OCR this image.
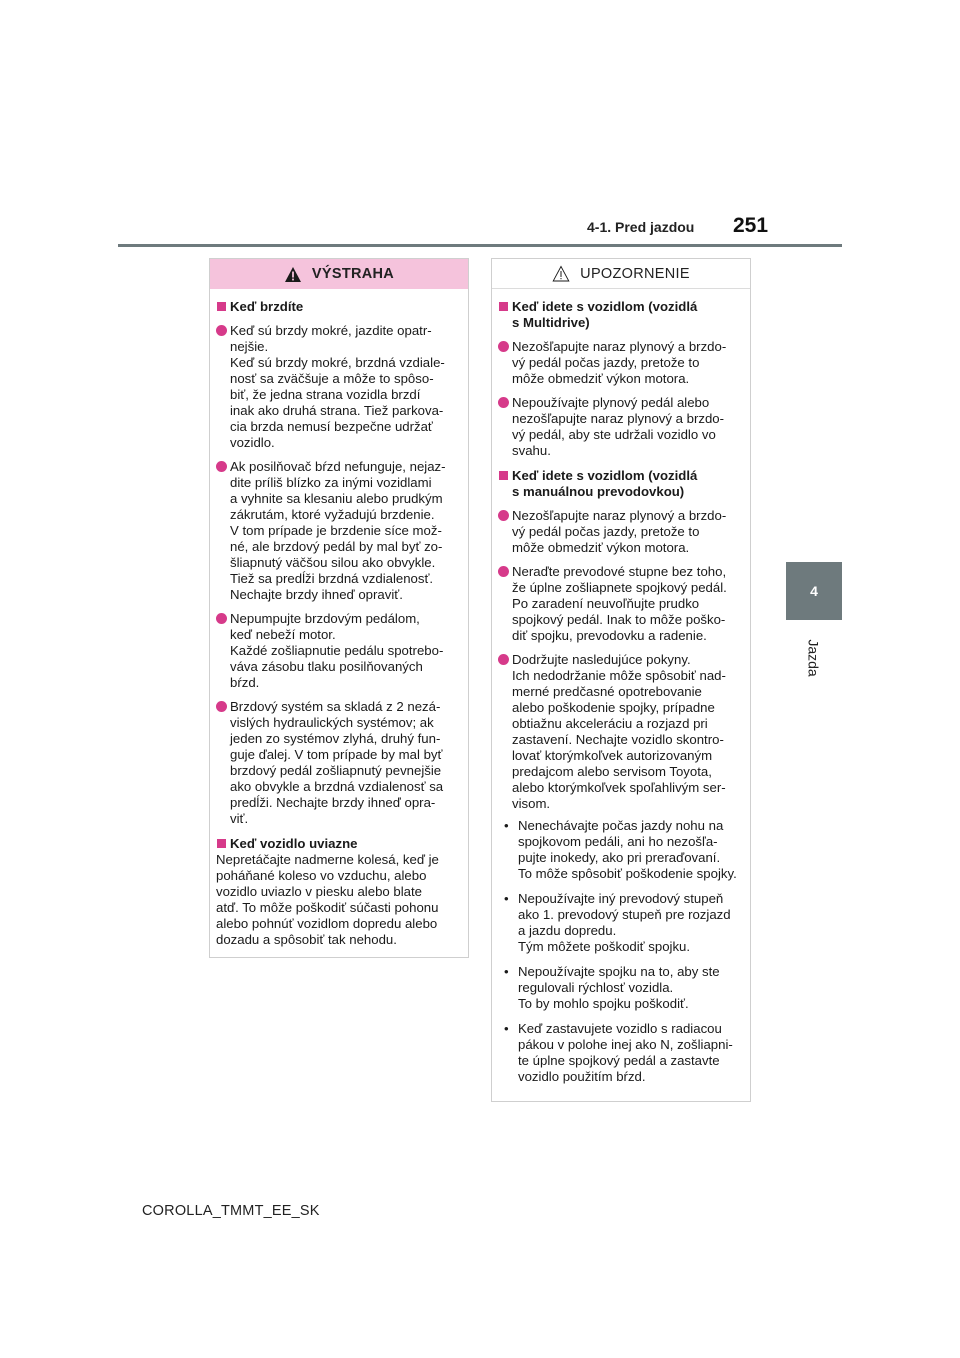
4-1. Pred jazdou 251
4
Jazda
VÝSTRAHA
Keď brzdíte
Keď sú brzdy mokré, jazdite opatr-
nejšie.
Keď sú brzdy mokré, brzdná vzdiale-
nosť sa zväčšuje a môže to spôso-
biť, že jedna strana vozidla brzdí
inak ako druhá strana. Tiež parkova-
cia brzda nemusí bezpečne udržať
vozidlo.
Ak posilňovač bŕzd nefunguje, nejaz-
dite príliš blízko za inými vozidlami
a vyhnite sa klesaniu alebo prudkým
zákrutám, ktoré vyžadujú brzdenie.
V tom prípade je brzdenie síce mož-
né, ale brzdový pedál by mal byť zo-
šliapnutý väčšou silou ako obvykle.
Tiež sa predĺži brzdná vzdialenosť.
Nechajte brzdy ihneď opraviť.
Nepumpujte brzdovým pedálom,
keď nebeží motor.
Každé zošliapnutie pedálu spotrebo-
váva zásobu tlaku posilňovaných
bŕzd.
Brzdový systém sa skladá z 2 nezá-
vislých hydraulických systémov; ak
jeden zo systémov zlyhá, druhý fun-
guje ďalej. V tom prípade by mal byť
brzdový pedál zošliapnutý pevnejšie
ako obvykle a brzdná vzdialenosť sa
predĺži. Nechajte brzdy ihneď opra-
viť.
Keď vozidlo uviazne
Nepretáčajte nadmerne kolesá, keď je
poháňané koleso vo vzduchu, alebo
vozidlo uviazlo v piesku alebo blate
atď. To môže poškodiť súčasti pohonu
alebo pohnúť vozidlom dopredu alebo
dozadu a spôsobiť tak nehodu.
UPOZORNENIE
Keď idete s vozidlom (vozidlá
s Multidrive)
Nezošľapujte naraz plynový a brzdo-
vý pedál počas jazdy, pretože to
môže obmedziť výkon motora.
Nepoužívajte plynový pedál alebo
nezošľapujte naraz plynový a brzdo-
vý pedál, aby ste udržali vozidlo vo
svahu.
Keď idete s vozidlom (vozidlá
s manuálnou prevodovkou)
Nezošľapujte naraz plynový a brzdo-
vý pedál počas jazdy, pretože to
môže obmedziť výkon motora.
Neraďte prevodové stupne bez toho,
že úplne zošliapnete spojkový pedál.
Po zaradení neuvoľňujte prudko
spojkový pedál. Inak to môže poško-
diť spojku, prevodovku a radenie.
Dodržujte nasledujúce pokyny.
Ich nedodržanie môže spôsobiť nad-
merné predčasné opotrebovanie
alebo poškodenie spojky, prípadne
obtiažnu akceleráciu a rozjazd pri
zastavení. Nechajte vozidlo skontro-
lovať ktorýmkoľvek autorizovaným
predajcom alebo servisom Toyota,
alebo ktorýmkoľvek spoľahlivým ser-
visom.
• Nenechávajte počas jazdy nohu na
spojkovom pedáli, ani ho nezošľa-
pujte inokedy, ako pri preraďovaní.
To môže spôsobiť poškodenie spojky.
• Nepoužívajte iný prevodový stupeň
ako 1. prevodový stupeň pre rozjazd
a jazdu dopredu.
Tým môžete poškodiť spojku.
• Nepoužívajte spojku na to, aby ste
regulovali rýchlosť vozidla.
To by mohlo spojku poškodiť.
• Keď zastavujete vozidlo s radiacou
pákou v polohe inej ako N, zošliapni-
te úplne spojkový pedál a zastavte
vozidlo použitím bŕzd.
COROLLA_TMMT_EE_SK
